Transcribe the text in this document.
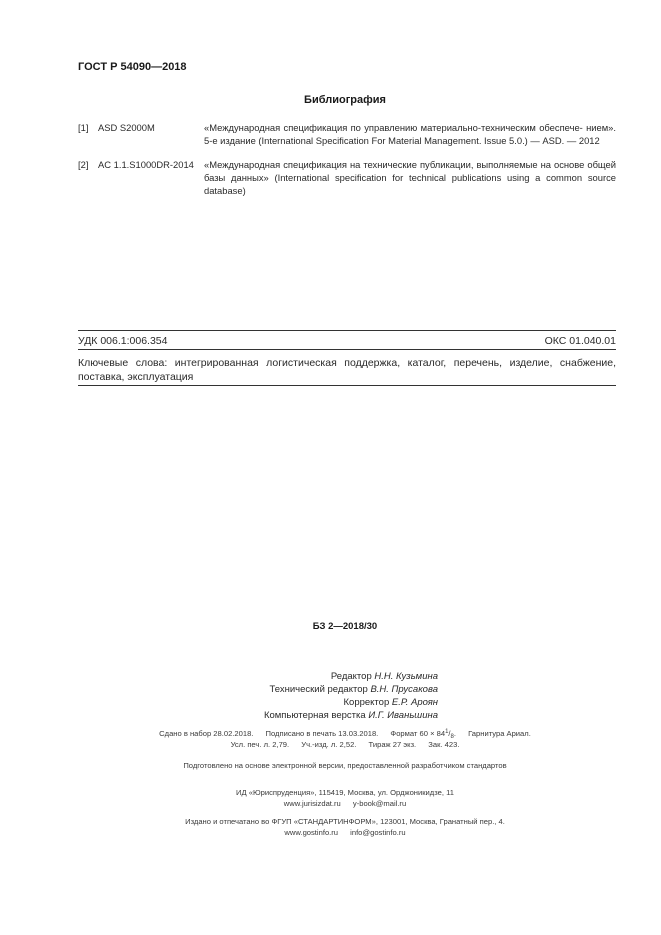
ГОСТ Р 54090—2018
Библиография
[1] ASD S2000M	«Международная спецификация по управлению материально-техническим обеспече- нием». 5-е издание (International Specification For Material Management. Issue 5.0.) — ASD. — 2012
[2] AC 1.1.S1000DR-2014 «Международная спецификация на технические публикации, выполняемые на основе общей базы данных» (International specification for technical publications using a common source database)
УДК 006.1:006.354	ОКС 01.040.01
Ключевые слова: интегрированная логистическая поддержка, каталог, перечень, изделие, снабжение, поставка, эксплуатация
БЗ 2—2018/30
Редактор Н.Н. Кузьмина
Технический редактор В.Н. Прусакова
Корректор Е.Р. Ароян
Компьютерная верстка И.Г. Иваньшина
Сдано в набор 28.02.2018. Подписано в печать 13.03.2018. Формат $60 \times 84^1/_8$. Гарнитура Ариал.
Усл. печ. л. 2,79. Уч.-изд. л. 2,52. Тираж 27 экз. Зак. 423.
Подготовлено на основе электронной версии, предоставленной разработчиком стандартов
ИД «Юриспруденция», 115419, Москва, ул. Орджоникидзе, 11
www.jurisizdat.ru y-book@mail.ru
Издано и отпечатано во ФГУП «СТАНДАРТИНФОРМ», 123001, Москва, Гранатный пер., 4.
www.gostinfo.ru info@gostinfo.ru
